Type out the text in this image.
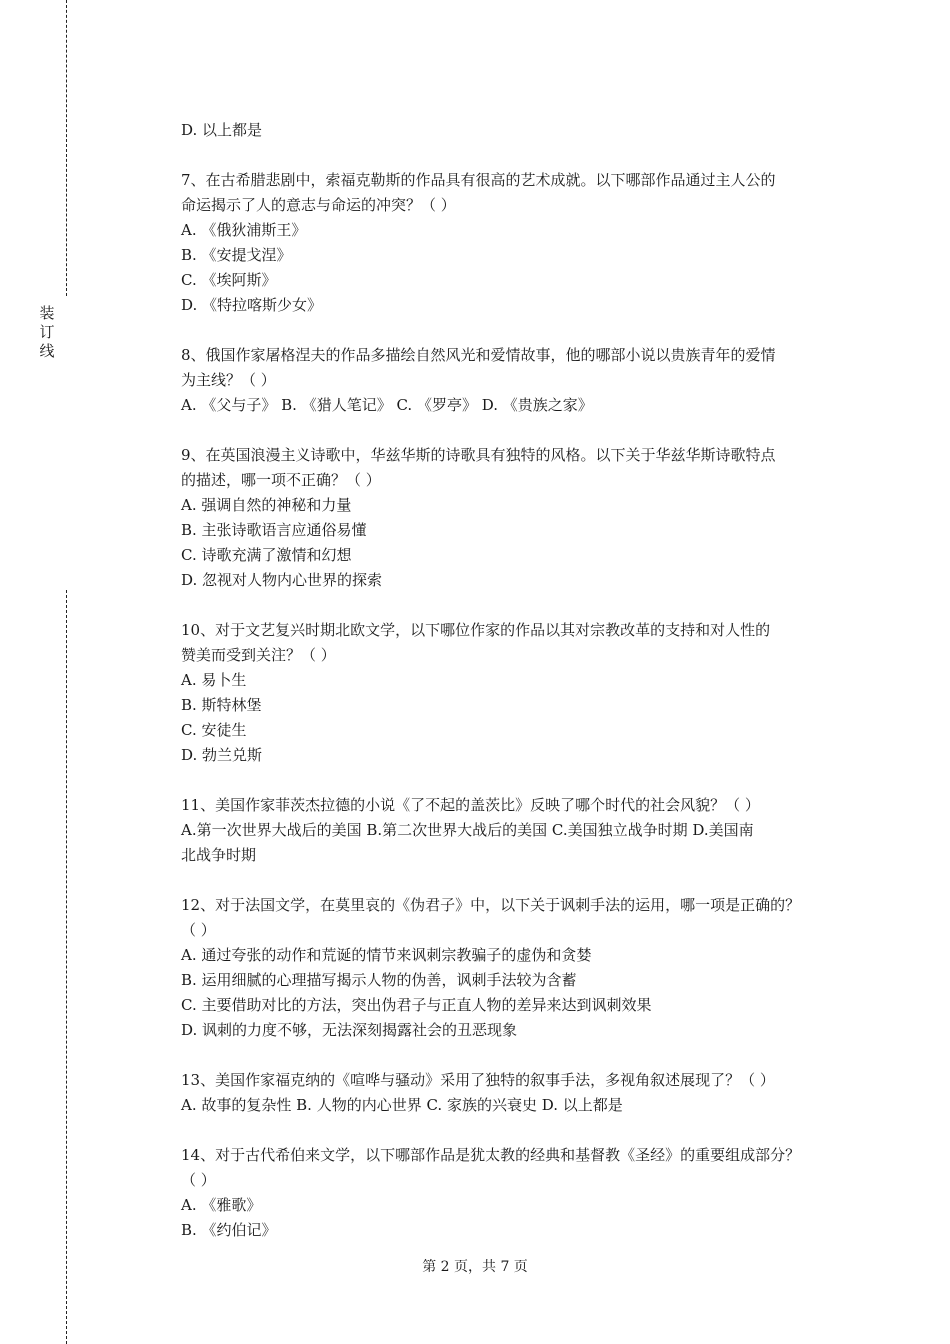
装
订
线
D. 以上都是
7、在古希腊悲剧中，索福克勒斯的作品具有很高的艺术成就。以下哪部作品通过主人公的
命运揭示了人的意志与命运的冲突？（ ）
A. 《俄狄浦斯王》
B. 《安提戈涅》
C. 《埃阿斯》
D. 《特拉喀斯少女》
8、俄国作家屠格涅夫的作品多描绘自然风光和爱情故事，他的哪部小说以贵族青年的爱情
为主线？（ ）
A. 《父与子》 B. 《猎人笔记》 C. 《罗亭》 D. 《贵族之家》
9、在英国浪漫主义诗歌中，华兹华斯的诗歌具有独特的风格。以下关于华兹华斯诗歌特点
的描述，哪一项不正确？（ ）
A. 强调自然的神秘和力量
B. 主张诗歌语言应通俗易懂
C. 诗歌充满了激情和幻想
D. 忽视对人物内心世界的探索
10、对于文艺复兴时期北欧文学，以下哪位作家的作品以其对宗教改革的支持和对人性的
赞美而受到关注？（ ）
A. 易卜生
B. 斯特林堡
C. 安徒生
D. 勃兰兑斯
11、美国作家菲茨杰拉德的小说《了不起的盖茨比》反映了哪个时代的社会风貌？（ ）
A.第一次世界大战后的美国 B.第二次世界大战后的美国 C.美国独立战争时期 D.美国南
北战争时期
12、对于法国文学，在莫里哀的《伪君子》中，以下关于讽刺手法的运用，哪一项是正确的？
（ ）
A. 通过夸张的动作和荒诞的情节来讽刺宗教骗子的虚伪和贪婪
B. 运用细腻的心理描写揭示人物的伪善，讽刺手法较为含蓄
C. 主要借助对比的方法，突出伪君子与正直人物的差异来达到讽刺效果
D. 讽刺的力度不够，无法深刻揭露社会的丑恶现象
13、美国作家福克纳的《喧哗与骚动》采用了独特的叙事手法，多视角叙述展现了？（ ）
A. 故事的复杂性 B. 人物的内心世界 C. 家族的兴衰史 D. 以上都是
14、对于古代希伯来文学，以下哪部作品是犹太教的经典和基督教《圣经》的重要组成部分？
（ ）
A. 《雅歌》
B. 《约伯记》
第 2 页，共 7 页
